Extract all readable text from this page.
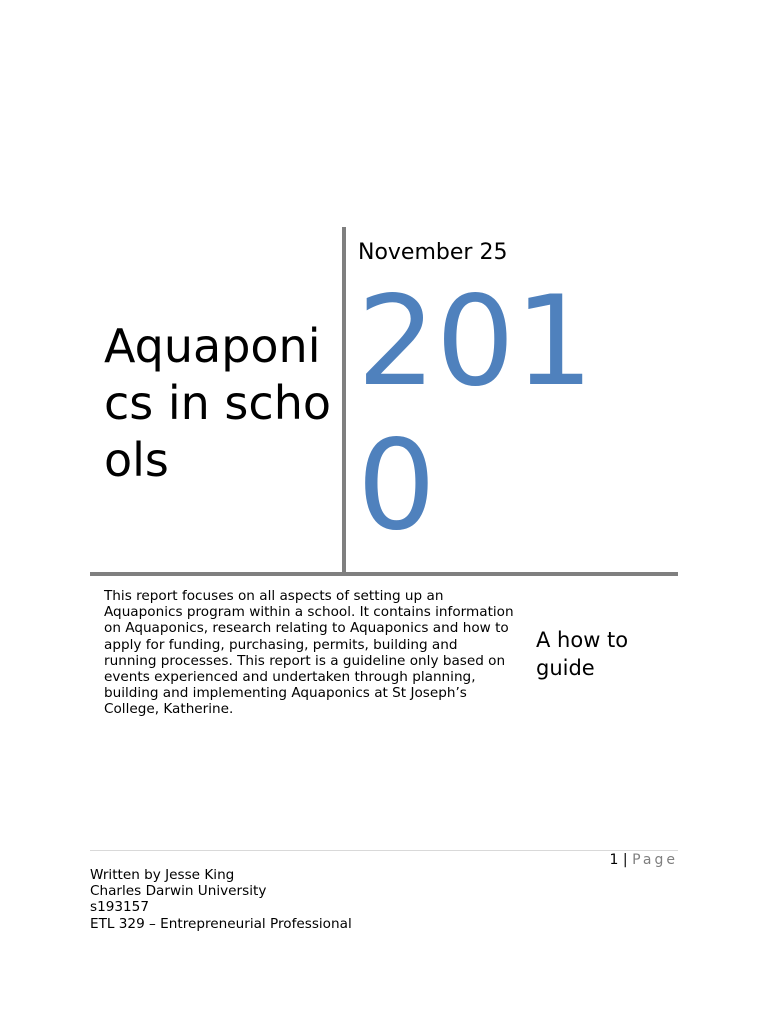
Aquaponics in schools

November 25

2010

This report focuses on all aspects of setting up an Aquaponics program within a school. It contains information on Aquaponics, research relating to Aquaponics and how to apply for funding, purchasing, permits, building and running processes. This report is a guideline only based on events experienced and undertaken through planning, building and implementing Aquaponics at St Joseph’s College, Katherine.

A how to guide

1 | Page
Written by Jesse King
Charles Darwin University
s193157
ETL 329 – Entrepreneurial Professional
